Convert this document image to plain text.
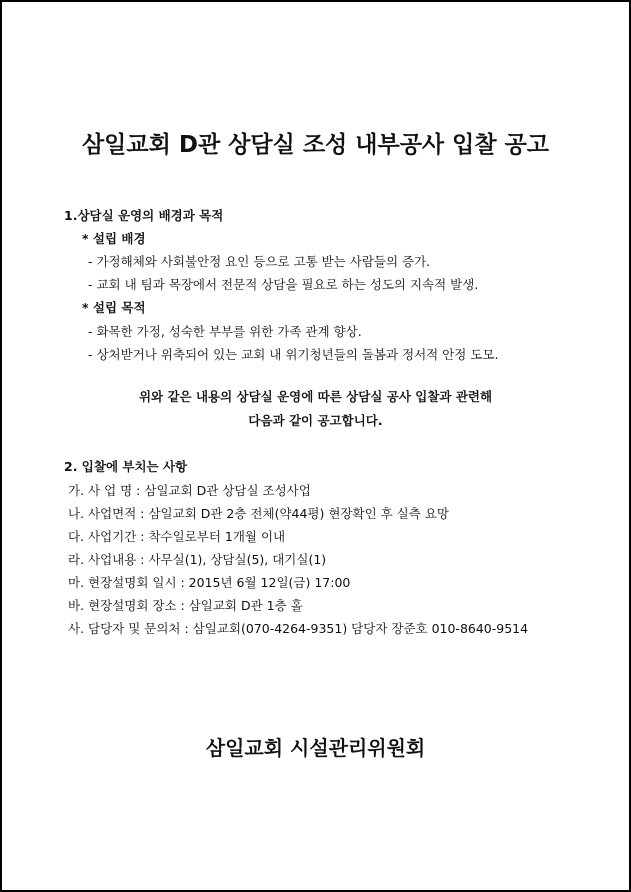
삼일교회 D관 상담실 조성 내부공사 입찰 공고
1.상담실 운영의 배경과 목적
* 설립 배경
- 가정해체와 사회불안정 요인 등으로 고통 받는 사람들의 증가.
- 교회 내 팀과 목장에서 전문적 상담을 필요로 하는 성도의 지속적 발생.
* 설립 목적
- 화목한 가정, 성숙한 부부를 위한 가족 관계 향상.
- 상처받거나 위축되어 있는 교회 내 위기청년들의 돌봄과 정서적 안정 도모.
위와 같은 내용의 상담실 운영에 따른 상담실 공사 입찰과 관련해
다음과 같이 공고합니다.
2. 입찰에 부치는 사항
가. 사 업 명 : 삼일교회 D관 상담실 조성사업
나. 사업면적 : 삼일교회 D관 2층 전체(약44평) 현장확인 후 실측 요망
다. 사업기간 : 착수일로부터 1개월 이내
라. 사업내용 : 사무실(1), 상담실(5), 대기실(1)
마. 현장설명회 일시 : 2015년 6월 12일(금) 17:00
바. 현장설명회 장소 : 삼일교회 D관 1층 홀
사. 담당자 및 문의처 : 삼일교회(070-4264-9351) 담당자 장준호 010-8640-9514
삼일교회 시설관리위원회
